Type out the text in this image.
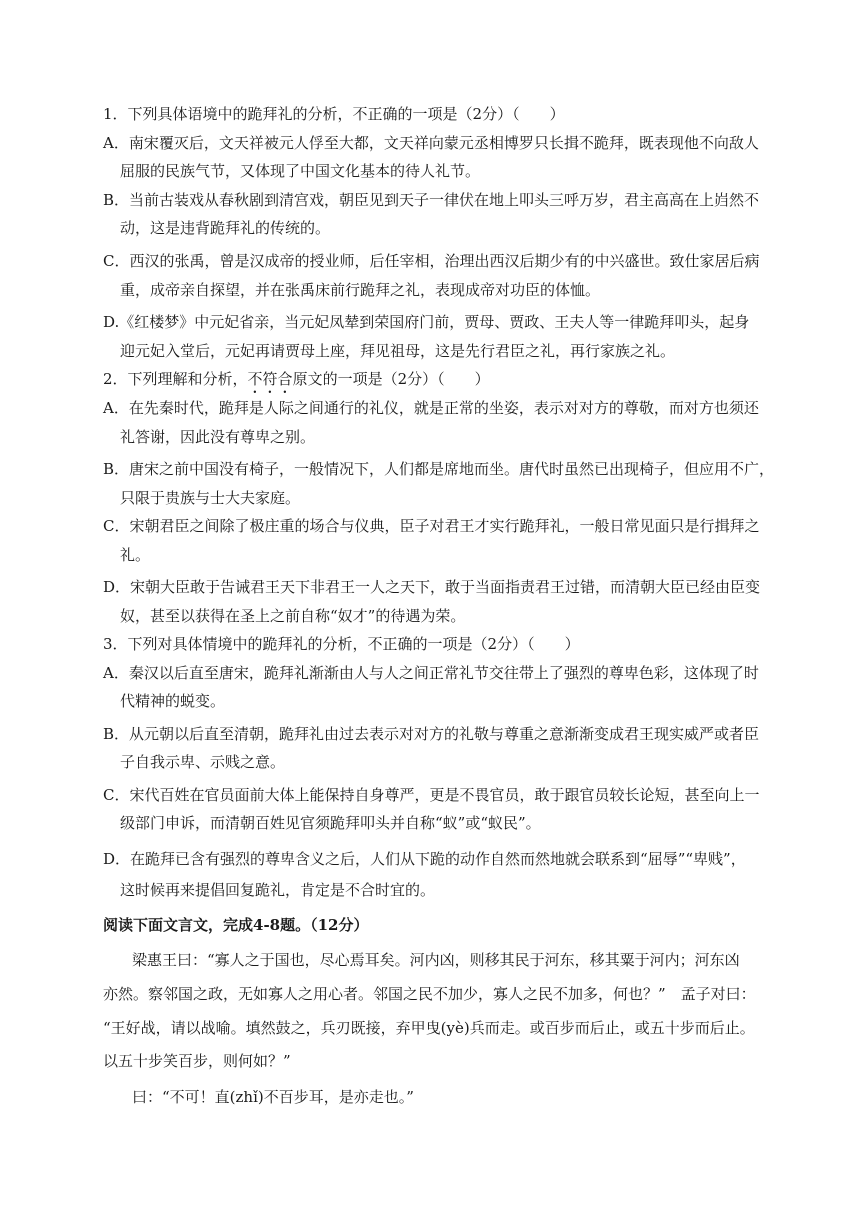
1．下列具体语境中的跪拜礼的分析，不正确的一项是（2分）（　　）
A．南宋覆灭后，文天祥被元人俘至大都，文天祥向蒙元丞相博罗只长揖不跪拜，既表现他不向敌人
屈服的民族气节，又体现了中国文化基本的待人礼节。
B．当前古装戏从春秋剧到清宫戏，朝臣见到天子一律伏在地上叩头三呼万岁，君主高高在上岿然不
动，这是违背跪拜礼的传统的。
C．西汉的张禹，曾是汉成帝的授业师，后任宰相，治理出西汉后期少有的中兴盛世。致仕家居后病
重，成帝亲自探望，并在张禹床前行跪拜之礼，表现成帝对功臣的体恤。
D.《红楼梦》中元妃省亲，当元妃凤辇到荣国府门前，贾母、贾政、王夫人等一律跪拜叩头，起身
迎元妃入堂后，元妃再请贾母上座，拜见祖母，这是先行君臣之礼，再行家族之礼。
2．下列理解和分析，不符合原文的一项是（2分）（　　）
A．在先秦时代，跪拜是人际之间通行的礼仪，就是正常的坐姿，表示对对方的尊敬，而对方也须还
礼答谢，因此没有尊卑之别。
B．唐宋之前中国没有椅子，一般情况下，人们都是席地而坐。唐代时虽然已出现椅子，但应用不广，
只限于贵族与士大夫家庭。
C．宋朝君臣之间除了极庄重的场合与仪典，臣子对君王才实行跪拜礼，一般日常见面只是行揖拜之
礼。
D．宋朝大臣敢于告诫君王天下非君王一人之天下，敢于当面指责君王过错，而清朝大臣已经由臣变
奴，甚至以获得在圣上之前自称“奴才”的待遇为荣。
3．下列对具体情境中的跪拜礼的分析，不正确的一项是（2分）（　　）
A．秦汉以后直至唐宋，跪拜礼渐渐由人与人之间正常礼节交往带上了强烈的尊卑色彩，这体现了时
代精神的蜕变。
B．从元朝以后直至清朝，跪拜礼由过去表示对对方的礼敬与尊重之意渐渐变成君王现实威严或者臣
子自我示卑、示贱之意。
C．宋代百姓在官员面前大体上能保持自身尊严，更是不畏官员，敢于跟官员较长论短，甚至向上一
级部门申诉，而清朝百姓见官须跪拜叩头并自称“蚁”或“蚁民”。
D．在跪拜已含有强烈的尊卑含义之后，人们从下跪的动作自然而然地就会联系到“屈辱”“卑贱”，
这时候再来提倡回复跪礼，肯定是不合时宜的。
阅读下面文言文，完成4-8题。（12分）
梁惠王曰：“寡人之于国也，尽心焉耳矣。河内凶，则移其民于河东，移其粟于河内；河东凶
亦然。察邻国之政，无如寡人之用心者。邻国之民不加少，寡人之民不加多，何也？”　孟子对曰：
“王好战，请以战喻。填然鼓之，兵刃既接，弃甲曳(yè)兵而走。或百步而后止，或五十步而后止。
以五十步笑百步，则何如？”
曰：“不可！直(zhǐ)不百步耳，是亦走也。”
